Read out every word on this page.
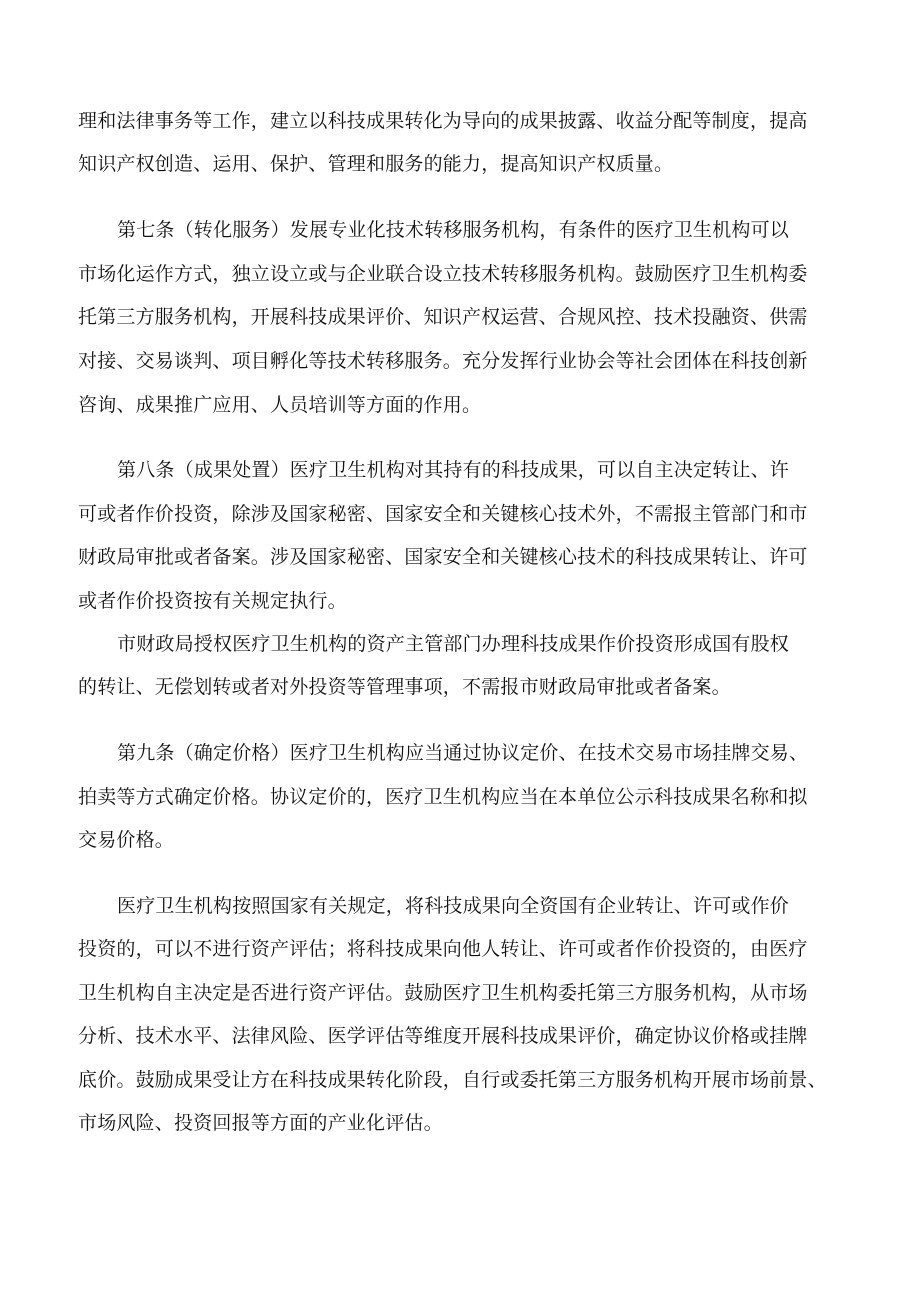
理和法律事务等工作，建立以科技成果转化为导向的成果披露、收益分配等制度，提高
知识产权创造、运用、保护、管理和服务的能力，提高知识产权质量。
第七条（转化服务）发展专业化技术转移服务机构，有条件的医疗卫生机构可以
市场化运作方式，独立设立或与企业联合设立技术转移服务机构。鼓励医疗卫生机构委
托第三方服务机构，开展科技成果评价、知识产权运营、合规风控、技术投融资、供需
对接、交易谈判、项目孵化等技术转移服务。充分发挥行业协会等社会团体在科技创新
咨询、成果推广应用、人员培训等方面的作用。
第八条（成果处置）医疗卫生机构对其持有的科技成果，可以自主决定转让、许
可或者作价投资，除涉及国家秘密、国家安全和关键核心技术外，不需报主管部门和市
财政局审批或者备案。涉及国家秘密、国家安全和关键核心技术的科技成果转让、许可
或者作价投资按有关规定执行。
市财政局授权医疗卫生机构的资产主管部门办理科技成果作价投资形成国有股权
的转让、无偿划转或者对外投资等管理事项，不需报市财政局审批或者备案。
第九条（确定价格）医疗卫生机构应当通过协议定价、在技术交易市场挂牌交易、
拍卖等方式确定价格。协议定价的，医疗卫生机构应当在本单位公示科技成果名称和拟
交易价格。
医疗卫生机构按照国家有关规定，将科技成果向全资国有企业转让、许可或作价
投资的，可以不进行资产评估；将科技成果向他人转让、许可或者作价投资的，由医疗
卫生机构自主决定是否进行资产评估。鼓励医疗卫生机构委托第三方服务机构，从市场
分析、技术水平、法律风险、医学评估等维度开展科技成果评价，确定协议价格或挂牌
底价。鼓励成果受让方在科技成果转化阶段，自行或委托第三方服务机构开展市场前景、
市场风险、投资回报等方面的产业化评估。
